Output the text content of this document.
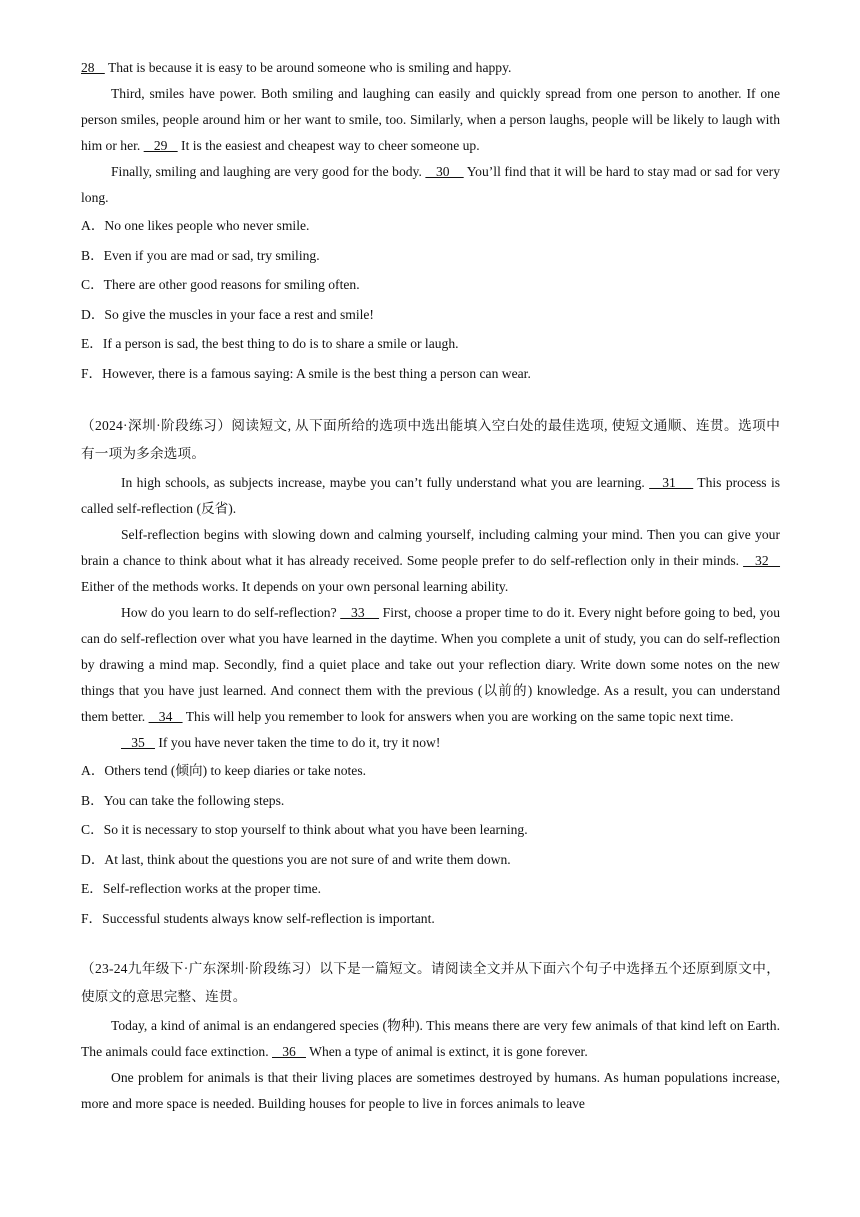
28    That is because it is easy to be around someone who is smiling and happy.

Third, smiles have power. Both smiling and laughing can easily and quickly spread from one person to another. If one person smiles, people around him or her want to smile, too. Similarly, when a person laughs, people will be likely to laugh with him or her.    29    It is the easiest and cheapest way to cheer someone up.

Finally, smiling and laughing are very good for the body.    30     You’ll find that it will be hard to stay mad or sad for very long.

A．No one likes people who never smile.
B．Even if you are mad or sad, try smiling.
C．There are other good reasons for smiling often.
D．So give the muscles in your face a rest and smile!
E．If a person is sad, the best thing to do is to share a smile or laugh.
F．However, there is a famous saying: A smile is the best thing a person can wear.

（2024·深圳·阶段练习）阅读短文, 从下面所给的选项中选出能填入空白处的最佳选项, 使短文通顺、连贯。选项中有一项为多余选项。

In high schools, as subjects increase, maybe you can’t fully understand what you are learning.    31     This process is called self-reflection (反省).

Self-reflection begins with slowing down and calming yourself, including calming your mind. Then you can give your brain a chance to think about what it has already received. Some people prefer to do self-reflection only in their minds.    32    Either of the methods works. It depends on your own personal learning ability.

How do you learn to do self-reflection?    33     First, choose a proper time to do it. Every night before going to bed, you can do self-reflection over what you have learned in the daytime. When you complete a unit of study, you can do self-reflection by drawing a mind map. Secondly, find a quiet place and take out your reflection diary. Write down some notes on the new things that you have just learned. And connect them with the previous (以前的) knowledge. As a result, you can understand them better.    34    This will help you remember to look for answers when you are working on the same topic next time.

35    If you have never taken the time to do it, try it now!

A．Others tend (倾向) to keep diaries or take notes.
B．You can take the following steps.
C．So it is necessary to stop yourself to think about what you have been learning.
D．At last, think about the questions you are not sure of and write them down.
E．Self-reflection works at the proper time.
F．Successful students always know self-reflection is important.

（23-24九年级下·广东深圳·阶段练习）以下是一篇短文。请阅读全文并从下面六个句子中选择五个还原到原文中，使原文的意思完整、连贯。

Today, a kind of animal is an endangered species (物种). This means there are very few animals of that kind left on Earth. The animals could face extinction.    36    When a type of animal is extinct, it is gone forever.

One problem for animals is that their living places are sometimes destroyed by humans. As human populations increase, more and more space is needed. Building houses for people to live in forces animals to leave
